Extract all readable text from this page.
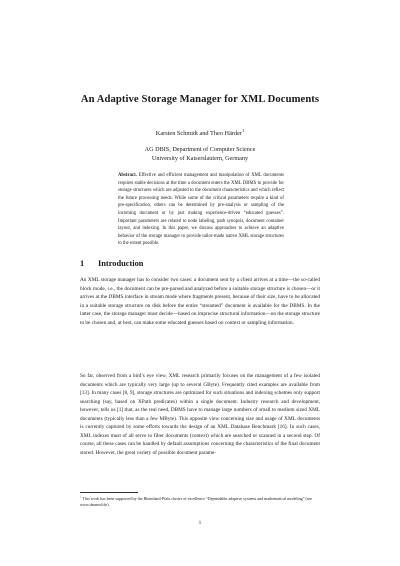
An Adaptive Storage Manager for XML Documents
Karsten Schmidt and Theo Härder$^1$
AG DBIS, Department of Computer Science
University of Kaiserslautern, Germany
Abstract. Effective and efficient management and manipulation of XML documents requires stable decisions at the time a document enters the XML DBMS to provide for storage structures which are adjusted to the document characteristics and which reflect the future processing needs. While some of the critical parameters require a kind of pre-specification, others can be determined by pre-analysis or sampling of the incoming document or by just making experience-driven “educated guesses”. Important parameters are related to node labeling, path synopsis, document container layout, and indexing. In this paper, we discuss approaches to achieve an adaptive behavior of the storage manager to provide tailor-made native XML storage structures to the extent possible.
1 Introduction

An XML storage manager has to consider two cases: a document sent by a client arrives at a time—the so-called block mode, i.e., the document can be pre-parsed and analyzed before a suitable storage structure is chosen—or it arrives at the DBMS interface in stream mode where fragments present, because of their size, have to be allocated in a suitable storage structure on disk before the entire “streamed” document is available for the DBMS. In the latter case, the storage manager must decide—based on imprecise structural information—on the storage structure to be chosen and, at best, can make some educated guesses based on context or sampling information.

So far, observed from a bird’s eye view, XML research primarily focuses on the management of a few isolated documents which are typically very large (up to several GByte). Frequently cited examples are available from [13]. In many cases [8, 9], storage structures are optimized for such situations and indexing schemes only support searching (say, based on XPath predicates) within a single document. Industry research and development, however, tells us [1] that, as the real need, DBMS have to manage large numbers of small to medium sized XML documents (typically less than a few MByte). This opposite view concerning size and usage of XML documents is currently captured by some efforts towards the design of an XML Database Benchmark [16]. In such cases, XML indexes must of all serve to filter documents (context) which are searched or scanned in a second step. Of course, all these cases can be handled by default assumptions concerning the characteristics of the final document stored. However, the great variety of possible document parame-

$^1$ This work has been supported by the Rheinland-Pfalz cluster of excellence “Dependable adaptive systems and mathematical modeling” (see www.dasmod.de).
1
